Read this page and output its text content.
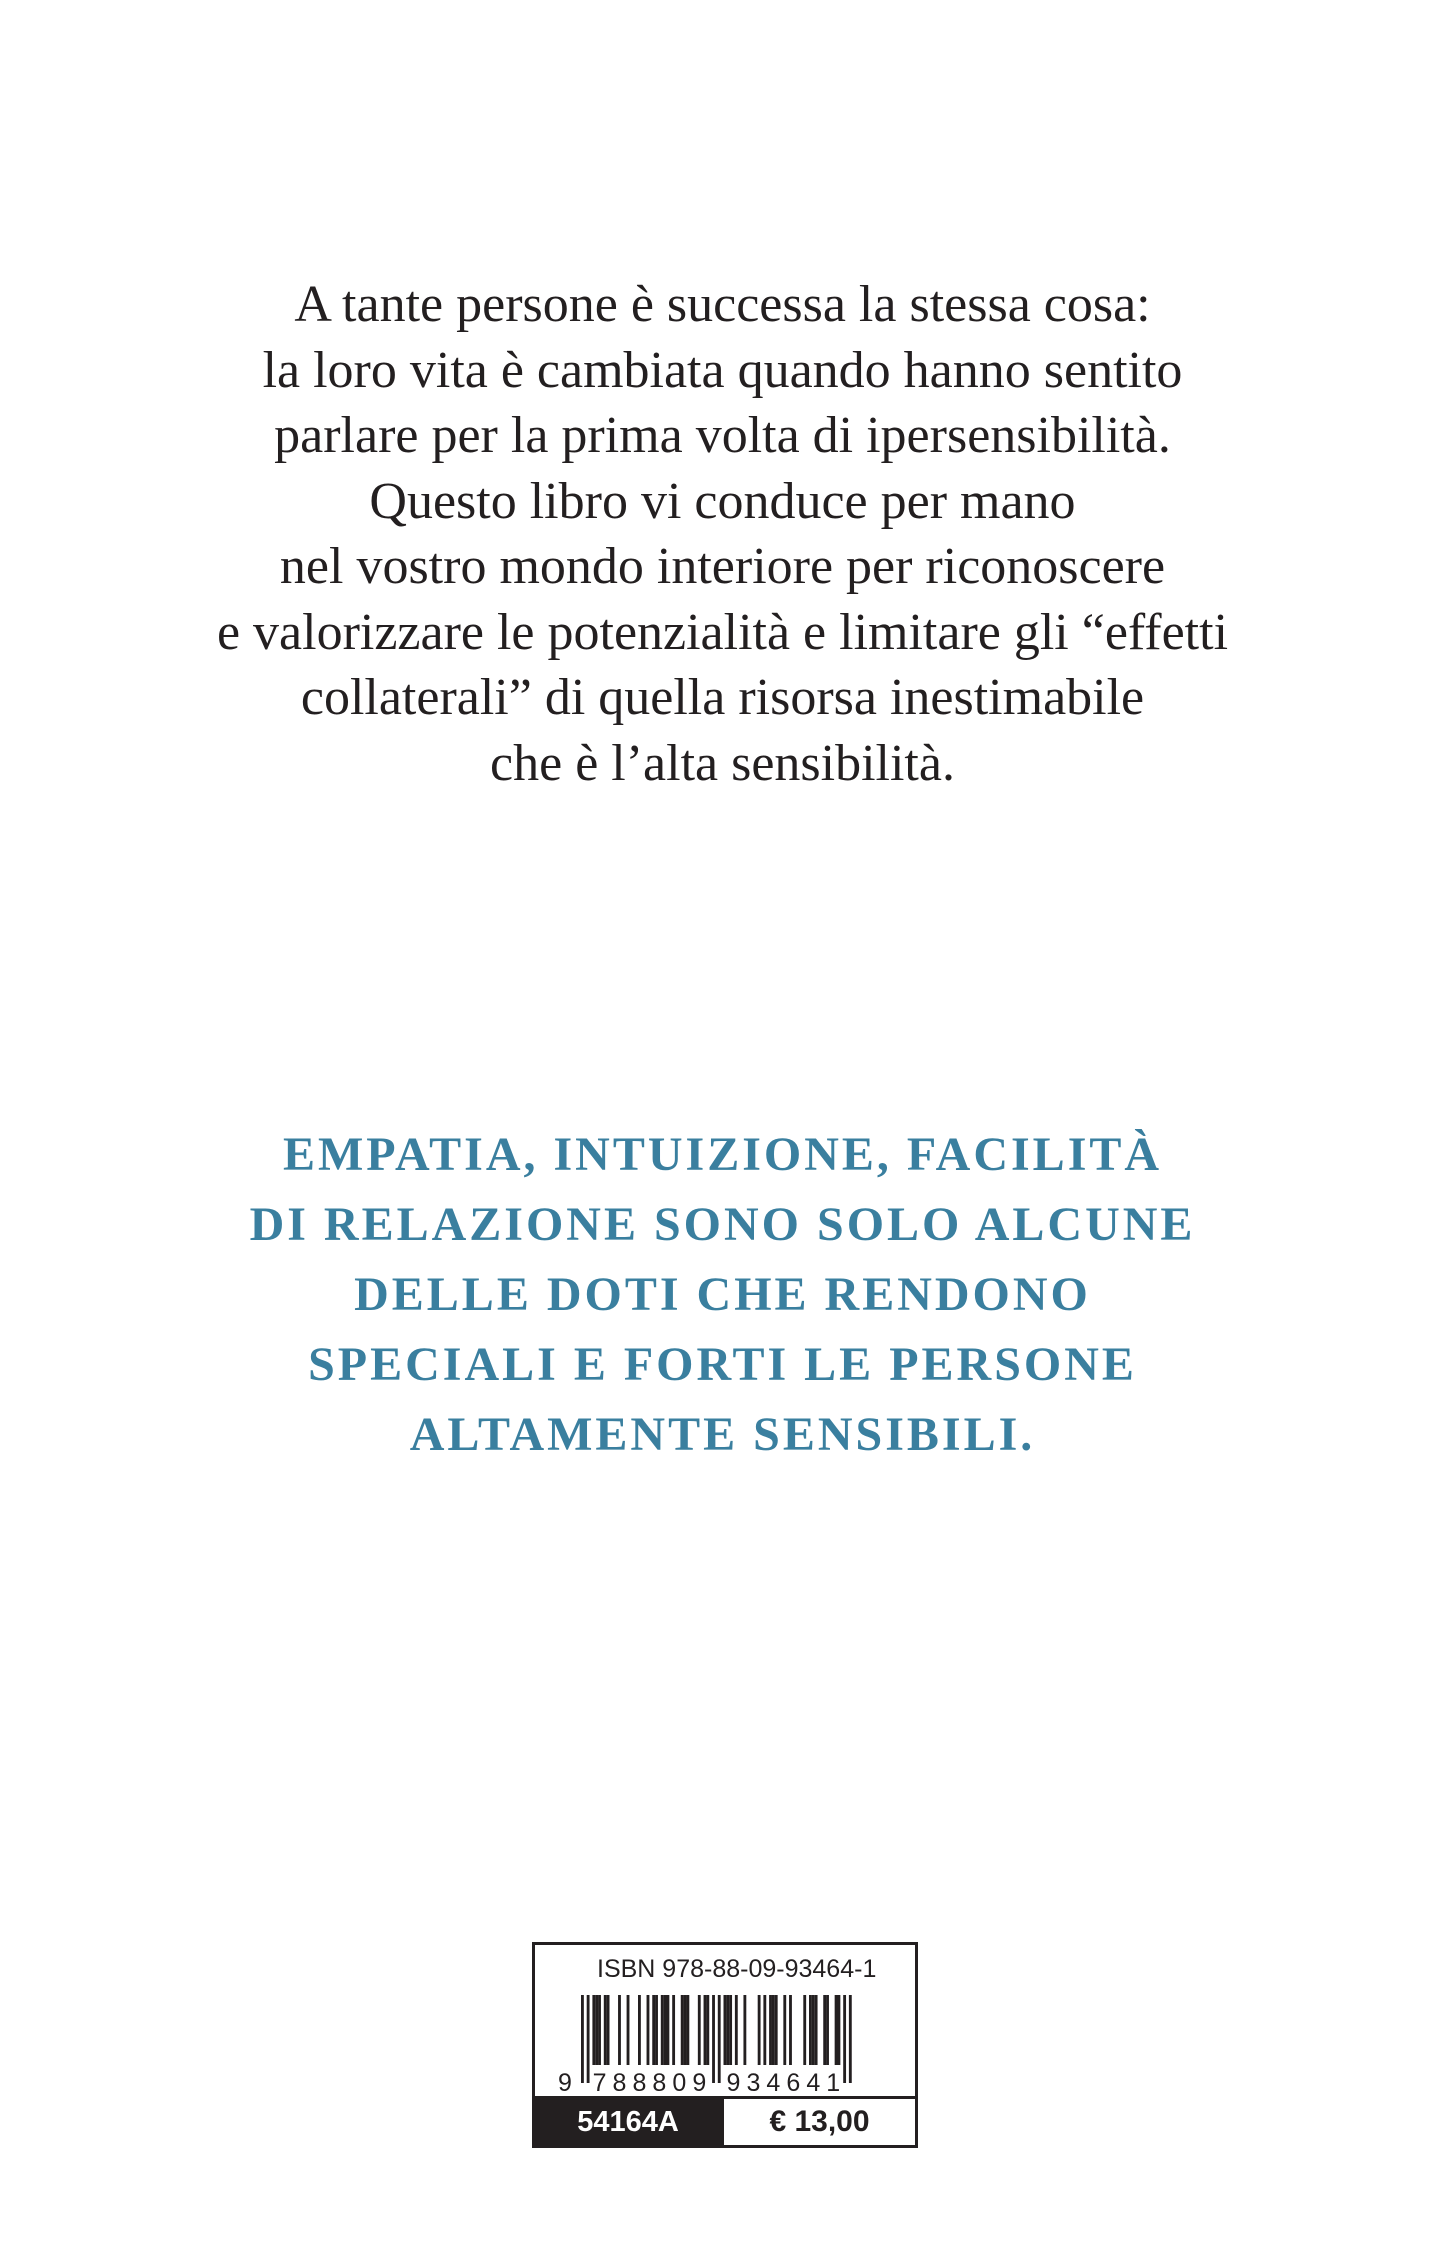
A tante persone è successa la stessa cosa:
la loro vita è cambiata quando hanno sentito
parlare per la prima volta di ipersensibilità.
Questo libro vi conduce per mano
nel vostro mondo interiore per riconoscere
e valorizzare le potenzialità e limitare gli “effetti
collaterali” di quella risorsa inestimabile
che è l’alta sensibilità.
EMPATIA, INTUIZIONE, FACILITÀ
DI RELAZIONE SONO SOLO ALCUNE
DELLE DOTI CHE RENDONO
SPECIALI E FORTI LE PERSONE
ALTAMENTE SENSIBILI.
ISBN 978-88-09-93464-1
9 7 8 8 8 0 9 9 3 4 6 4 1
54164A	€ 13,00
